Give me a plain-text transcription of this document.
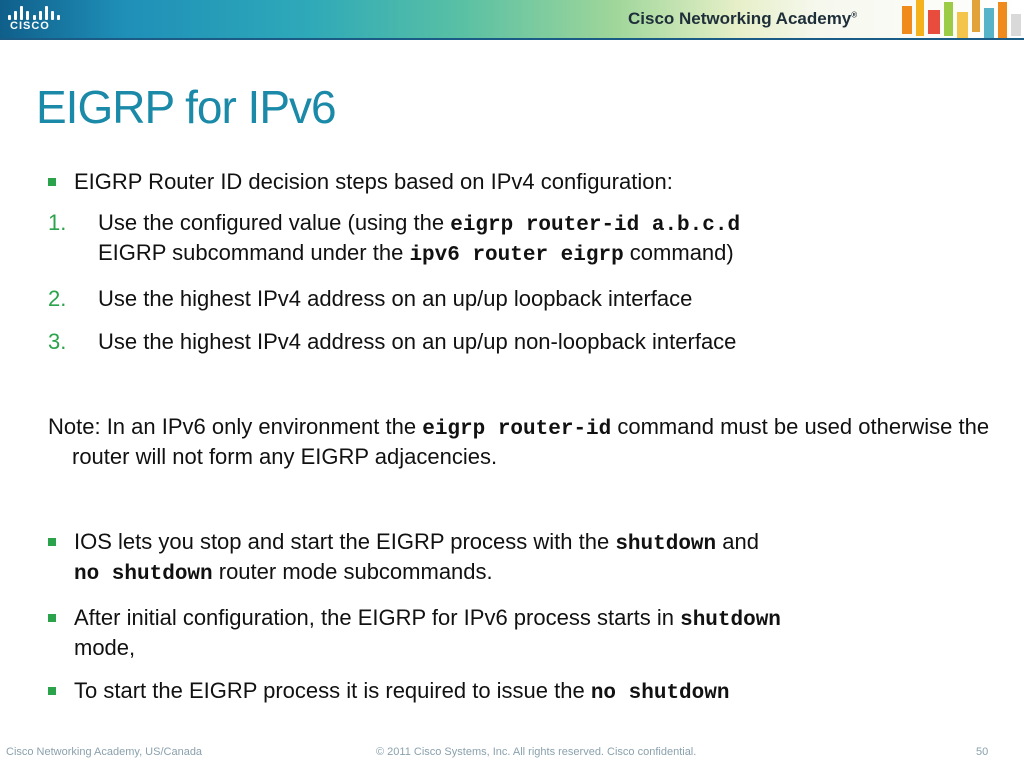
CISCO	Cisco Networking Academy®
EIGRP for IPv6
EIGRP Router ID decision steps based on IPv4 configuration:
1.	Use the configured value (using the eigrp router-id a.b.c.d
EIGRP subcommand under the ipv6 router eigrp command)
2.	Use the highest IPv4 address on an up/up loopback interface
3.	Use the highest IPv4 address on an up/up non-loopback interface
Note: In an IPv6 only environment the eigrp router-id command must be used otherwise the router will not form any EIGRP adjacencies.
IOS lets you stop and start the EIGRP process with the shutdown and
no shutdown router mode subcommands.
After initial configuration, the EIGRP for IPv6 process starts in shutdown
mode,
To start the EIGRP process it is required to issue the no shutdown
Cisco Networking Academy, US/Canada	© 2011 Cisco Systems, Inc. All rights reserved. Cisco confidential.	50
